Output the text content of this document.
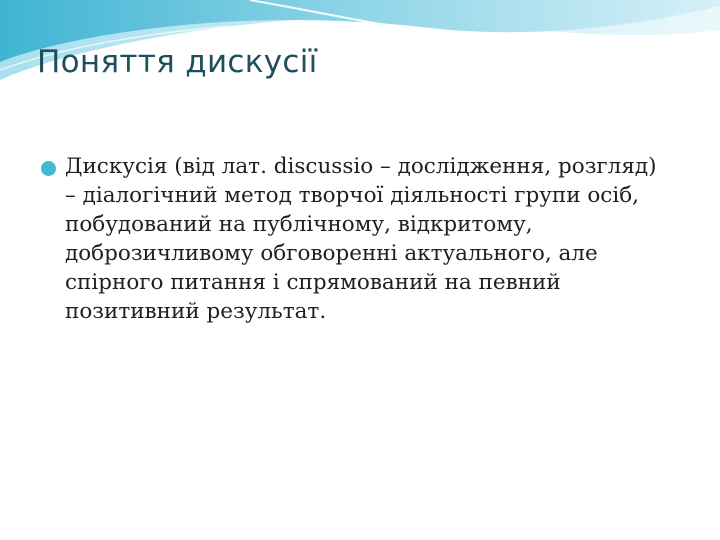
Поняття дискусії
Дискусія (від лат. discussio – дослідження, розгляд)
– діалогічний метод творчої діяльності групи осіб,
побудований на публічному, відкритому,
доброзичливому обговоренні актуального, але
спірного питання і спрямований на певний
позитивний результат.
